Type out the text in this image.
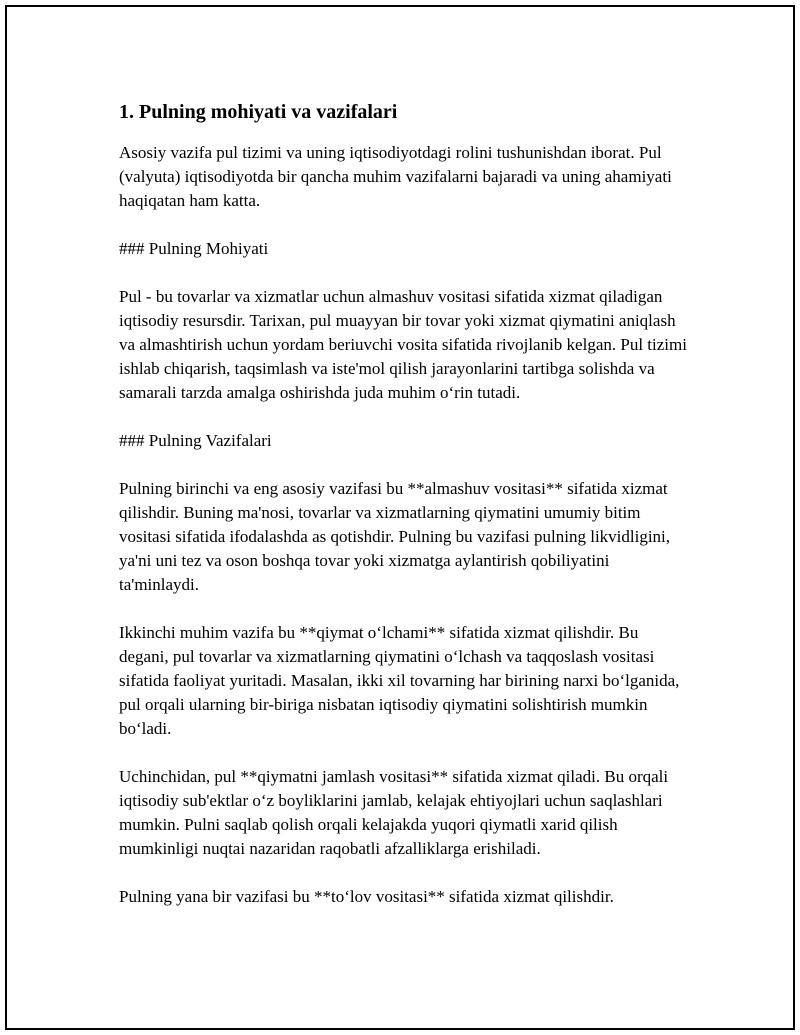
1. Pulning mohiyati va vazifalari

Asosiy vazifa pul tizimi va uning iqtisodiyotdagi rolini tushunishdan iborat. Pul (valyuta) iqtisodiyotda bir qancha muhim vazifalarni bajaradi va uning ahamiyati haqiqatan ham katta.

### Pulning Mohiyati

Pul - bu tovarlar va xizmatlar uchun almashuv vositasi sifatida xizmat qiladigan iqtisodiy resursdir. Tarixan, pul muayyan bir tovar yoki xizmat qiymatini aniqlash va almashtirish uchun yordam beriuvchi vosita sifatida rivojlanib kelgan. Pul tizimi ishlab chiqarish, taqsimlash va iste'mol qilish jarayonlarini tartibga solishda va samarali tarzda amalga oshirishda juda muhim o‘rin tutadi.

### Pulning Vazifalari

Pulning birinchi va eng asosiy vazifasi bu **almashuv vositasi** sifatida xizmat qilishdir. Buning ma'nosi, tovarlar va xizmatlarning qiymatini umumiy bitim vositasi sifatida ifodalashda as qotishdir. Pulning bu vazifasi pulning likvidligini, ya'ni uni tez va oson boshqa tovar yoki xizmatga aylantirish qobiliyatini ta'minlaydi.

Ikkinchi muhim vazifa bu **qiymat o‘lchami** sifatida xizmat qilishdir. Bu degani, pul tovarlar va xizmatlarning qiymatini o‘lchash va taqqoslash vositasi sifatida faoliyat yuritadi. Masalan, ikki xil tovarning har birining narxi bo‘lganida, pul orqali ularning bir-biriga nisbatan iqtisodiy qiymatini solishtirish mumkin bo‘ladi.

Uchinchidan, pul **qiymatni jamlash vositasi** sifatida xizmat qiladi. Bu orqali iqtisodiy sub'ektlar o‘z boyliklarini jamlab, kelajak ehtiyojlari uchun saqlashlari mumkin. Pulni saqlab qolish orqali kelajakda yuqori qiymatli xarid qilish mumkinligi nuqtai nazaridan raqobatli afzalliklarga erishiladi.

Pulning yana bir vazifasi bu **to‘lov vositasi** sifatida xizmat qilishdir.
